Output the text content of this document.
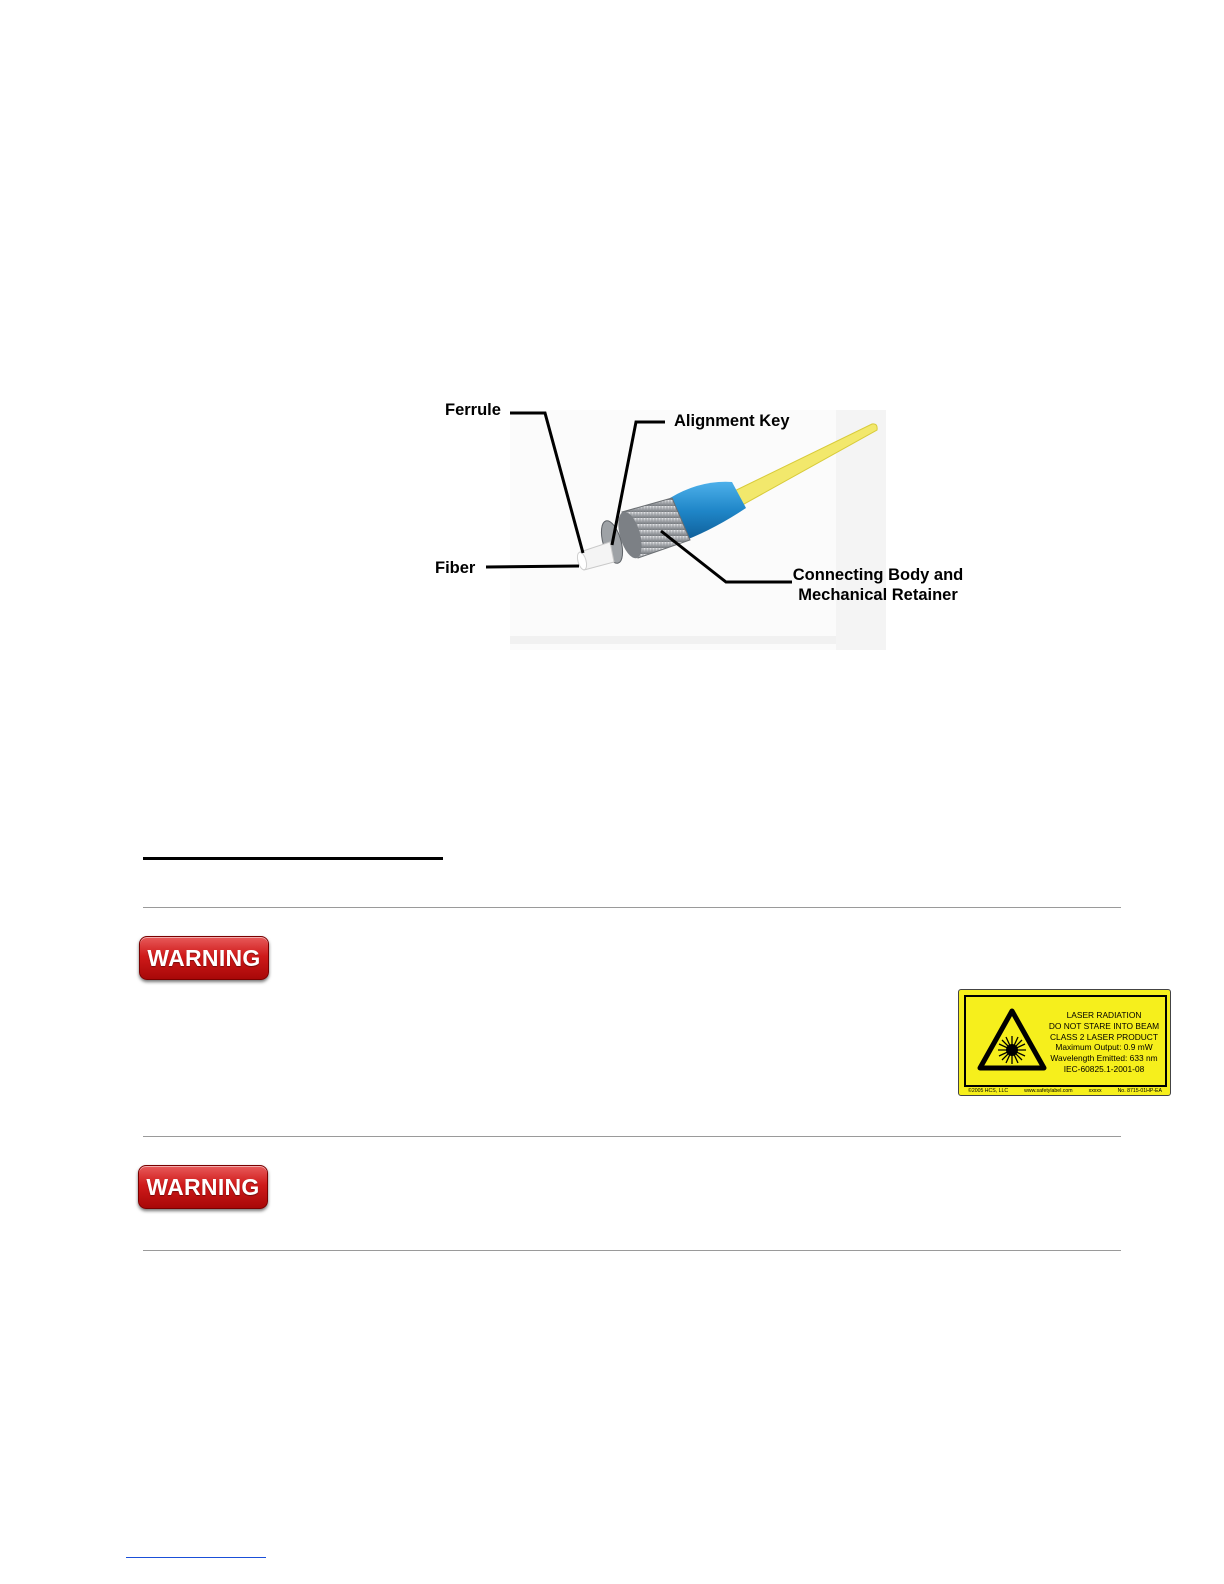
Ferrule
Alignment Key
Fiber	Connecting Body and
Mechanical Retainer
WARNING
LASER RADIATION
DO NOT STARE INTO BEAM
CLASS 2 LASER PRODUCT
Maximum Output: 0.9 mW
Wavelength Emitted: 633 nm
IEC-60825.1-2001-08
©2005 HCS, LLC	www.safetylabel.com	xxxxx	No. 8715-01HP-EA
WARNING
